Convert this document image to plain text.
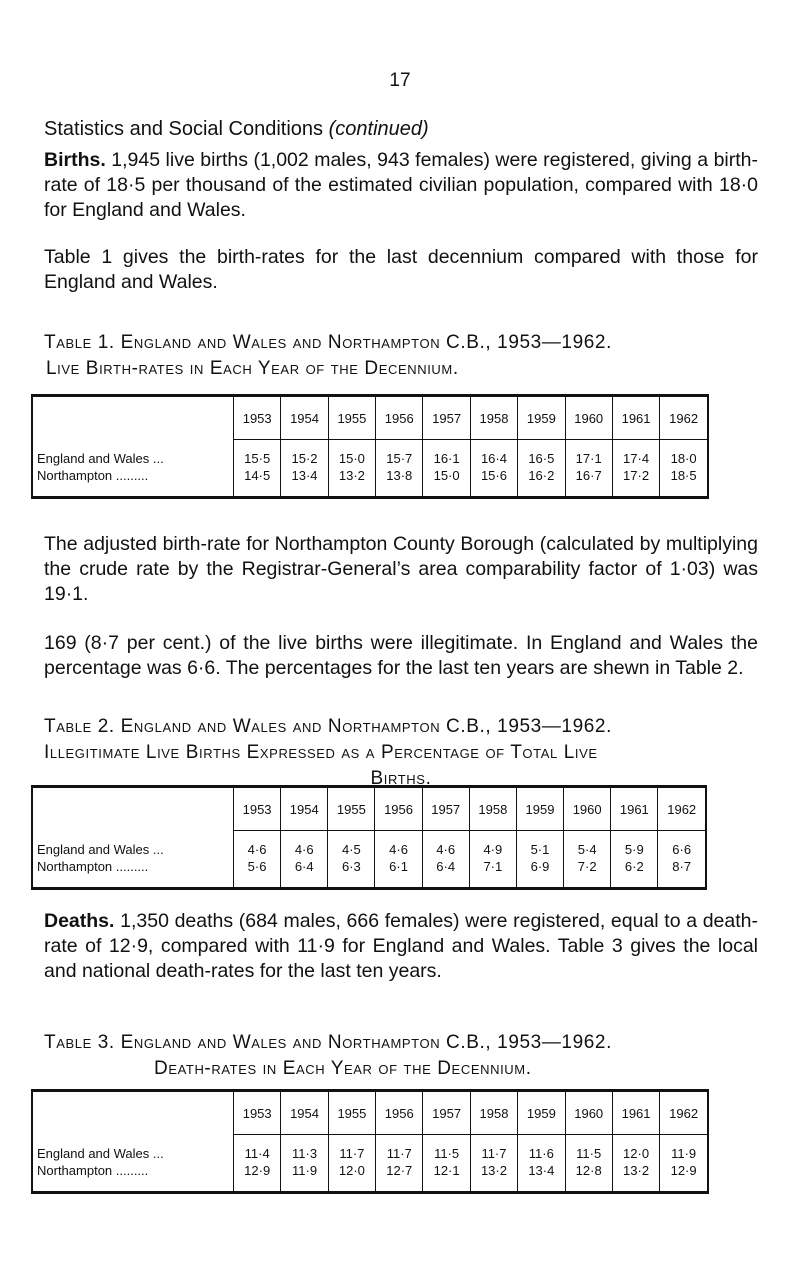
17
Statistics and Social Conditions (continued)

Births. 1,945 live births (1,002 males, 943 females) were registered, giving a birth-rate of 18·5 per thousand of the estimated civilian population, compared with 18·0 for England and Wales.

Table 1 gives the birth-rates for the last decennium compared with those for England and Wales.

Table 1. England and Wales and Northampton C.B., 1953—1962.
Live Birth-rates in Each Year of the Decennium.
	1953	1954	1955	1956	1957	1958	1959	1960	1961	1962
England and Wales ...	15·5	15·2	15·0	15·7	16·1	16·4	16·5	17·1	17·4	18·0
Northampton .........	14·5	13·4	13·2	13·8	15·0	15·6	16·2	16·7	17·2	18·5

The adjusted birth-rate for Northampton County Borough (calculated by multiplying the crude rate by the Registrar-General’s area comparability factor of 1·03) was 19·1.

169 (8·7 per cent.) of the live births were illegitimate. In England and Wales the percentage was 6·6. The percentages for the last ten years are shewn in Table 2.

Table 2. England and Wales and Northampton C.B., 1953—1962.
Illegitimate Live Births Expressed as a Percentage of Total Live
Births.
	1953	1954	1955	1956	1957	1958	1959	1960	1961	1962
England and Wales ...	4·6	4·6	4·5	4·6	4·6	4·9	5·1	5·4	5·9	6·6
Northampton .........	5·6	6·4	6·3	6·1	6·4	7·1	6·9	7·2	6·2	8·7

Deaths. 1,350 deaths (684 males, 666 females) were registered, equal to a death-rate of 12·9, compared with 11·9 for England and Wales. Table 3 gives the local and national death-rates for the last ten years.

Table 3. England and Wales and Northampton C.B., 1953—1962.
Death-rates in Each Year of the Decennium.
	1953	1954	1955	1956	1957	1958	1959	1960	1961	1962
England and Wales ...	11·4	11·3	11·7	11·7	11·5	11·7	11·6	11·5	12·0	11·9
Northampton .........	12·9	11·9	12·0	12·7	12·1	13·2	13·4	12·8	13·2	12·9
